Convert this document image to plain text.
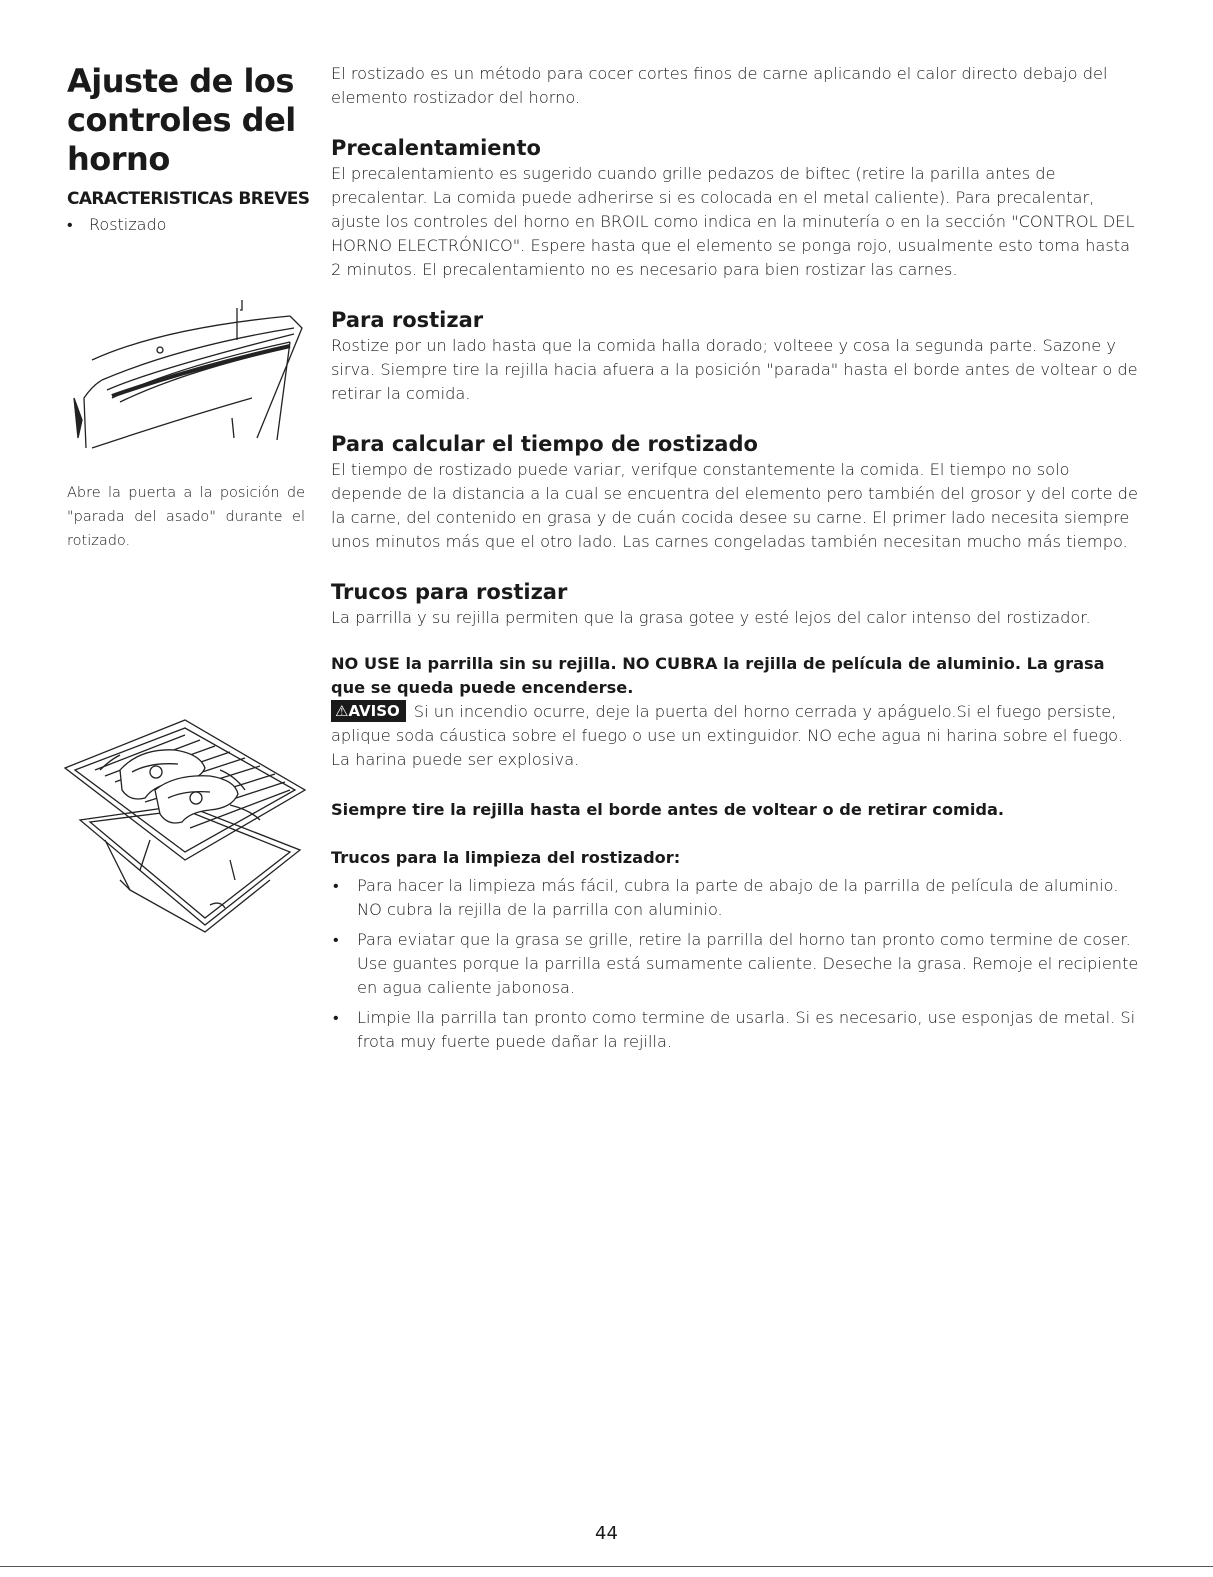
Ajuste de los controles del horno
CARACTERISTICAS BREVES
• Rostizado
Abre la puerta a la posición de "parada del asado" durante el rotizado.

El rostizado es un método para cocer cortes finos de carne aplicando el calor directo debajo del elemento rostizador del horno.

Precalentamiento

El precalentamiento es sugerido cuando grille pedazos de biftec (retire la parilla antes de precalentar. La comida puede adherirse si es colocada en el metal caliente). Para precalentar, ajuste los controles del horno en BROIL como indica en la minutería o en la sección "CONTROL DEL HORNO ELECTRÓNICO". Espere hasta que el elemento se ponga rojo, usualmente esto toma hasta 2 minutos. El precalentamiento no es necesario para bien rostizar las carnes.

Para rostizar

Rostize por un lado hasta que la comida halla dorado; volteee y cosa la segunda parte. Sazone y sirva. Siempre tire la rejilla hacia afuera a la posición "parada" hasta el borde antes de voltear o de retirar la comida.

Para calcular el tiempo de rostizado

El tiempo de rostizado puede variar, verifque constantemente la comida. El tiempo no solo depende de la distancia a la cual se encuentra del elemento pero también del grosor y del corte de la carne, del contenido en grasa y de cuán cocida desee su carne. El primer lado necesita siempre unos minutos más que el otro lado. Las carnes congeladas también necesitan mucho más tiempo.

Trucos para rostizar

La parrilla y su rejilla permiten que la grasa gotee y esté lejos del calor intenso del rostizador.

NO USE la parrilla sin su rejilla. NO CUBRA la rejilla de película de aluminio. La grasa que se queda puede encenderse.

⚠AVISO Si un incendio ocurre, deje la puerta del horno cerrada y apáguelo.Si el fuego persiste, aplique soda cáustica sobre el fuego o use un extinguidor. NO eche agua ni harina sobre el fuego. La harina puede ser explosiva.

Siempre tire la rejilla hasta el borde antes de voltear o de retirar comida.

Trucos para la limpieza del rostizador:

• Para hacer la limpieza más fácil, cubra la parte de abajo de la parrilla de película de aluminio. NO cubra la rejilla de la parrilla con aluminio.
• Para eviatar que la grasa se grille, retire la parrilla del horno tan pronto como termine de coser. Use guantes porque la parrilla está sumamente caliente. Deseche la grasa. Remoje el recipiente en agua caliente jabonosa.
• Limpie lla parrilla tan pronto como termine de usarla. Si es necesario, use esponjas de metal. Si frota muy fuerte puede dañar la rejilla.
44
